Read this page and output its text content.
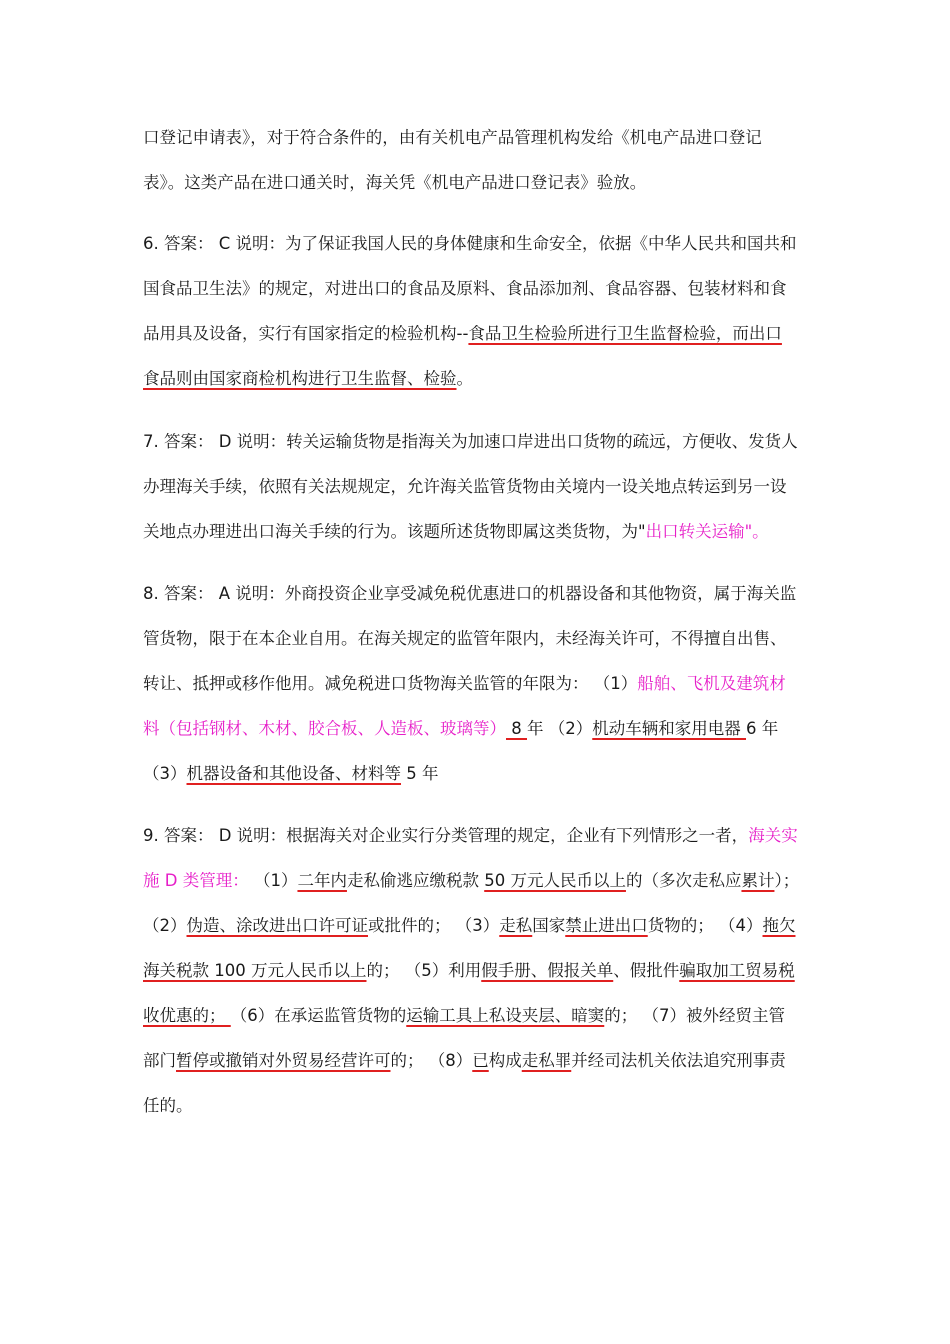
口登记申请表》，对于符合条件的，由有关机电产品管理机构发给《机电产品进口登记
表》。这类产品在进口通关时，海关凭《机电产品进口登记表》验放。
6. 答案： C 说明：为了保证我国人民的身体健康和生命安全，依据《中华人民共和国共和
国食品卫生法》的规定，对进出口的食品及原料、食品添加剂、食品容器、包装材料和食
品用具及设备，实行有国家指定的检验机构--食品卫生检验所进行卫生监督检验，而出口
食品则由国家商检机构进行卫生监督、检验。
7. 答案： D 说明：转关运输货物是指海关为加速口岸进出口货物的疏远，方便收、发货人
办理海关手续，依照有关法规规定，允许海关监管货物由关境内一设关地点转运到另一设
关地点办理进出口海关手续的行为。该题所述货物即属这类货物，为"出口转关运输"。
8. 答案： A 说明：外商投资企业享受减免税优惠进口的机器设备和其他物资，属于海关监
管货物，限于在本企业自用。在海关规定的监管年限内，未经海关许可，不得擅自出售、
转让、抵押或移作他用。减免税进口货物海关监管的年限为： （1）船舶、飞机及建筑材
料（包括钢材、木材、胶合板、人造板、玻璃等） 8 年 （2）机动车辆和家用电器 6 年
（3）机器设备和其他设备、材料等 5 年
9. 答案： D 说明：根据海关对企业实行分类管理的规定，企业有下列情形之一者，海关实
施 D 类管理： （1）二年内走私偷逃应缴税款 50 万元人民币以上的（多次走私应累计）；
（2）伪造、涂改进出口许可证或批件的； （3）走私国家禁止进出口货物的； （4）拖欠
海关税款 100 万元人民币以上的； （5）利用假手册、假报关单、假批件骗取加工贸易税
收优惠的； （6）在承运监管货物的运输工具上私设夹层、暗窦的； （7）被外经贸主管
部门暂停或撤销对外贸易经营许可的； （8）已构成走私罪并经司法机关依法追究刑事责
任的。
